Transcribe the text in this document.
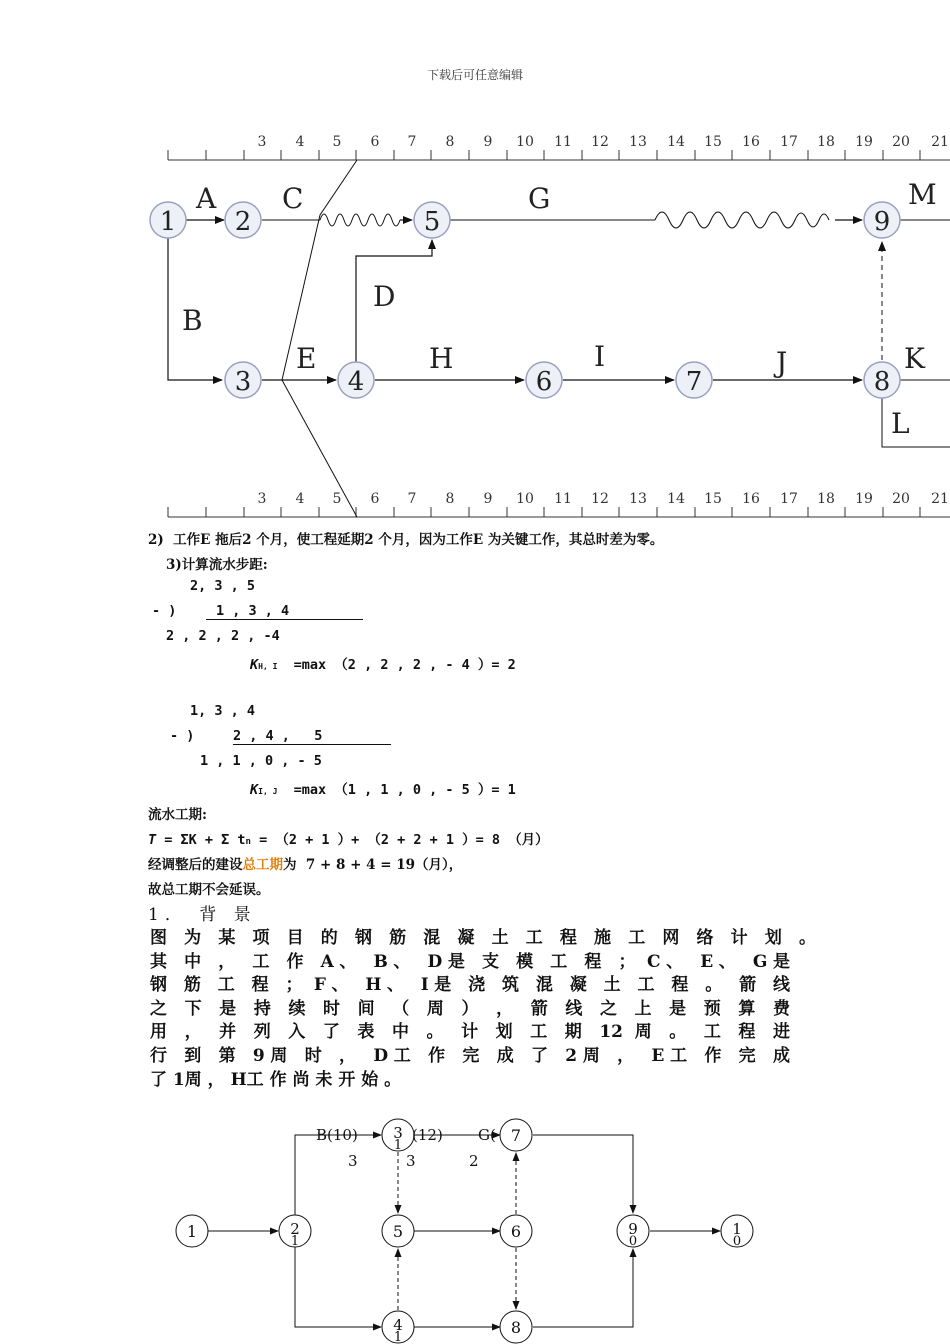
下载后可任意编辑
3 4 5 6 7 8 9 10 11 12 13 14 15 16 17 18 19 20 21
3 4 5 6 7 8 9 10 11 12 13 14 15 16 17 18 19 20 21
1 2
3	4
5
6	7	8
9
A C	G	M
B
D
E	H	I	J	K
L
2)  工作E 拖后2 个月，使工程延期2 个月，因为工作E 为关键工作，其总时差为零。
3)计算流水步距:
2, 3 , 5
- )	1 , 3 , 4
2 , 2 , 2 , -4
KH, I =max （2 , 2 , 2 , - 4 ）= 2
1, 3 , 4
- )	2 , 4 ,   5
1 , 1 , 0 , - 5
KI, J =max （1 , 1 , 0 , - 5 ）= 1
流水工期:
T = ΣK + Σ tn = （2 + 1 ）+ （2 + 2 + 1 ）= 8 （月）
经调整后的建设总工期为  7 + 8 + 4 = 19（月），
故总工期不会延误。
1． 背 景
图 为 某 项 目 的 钢 筋 混 凝 土 工 程 施 工 网 络 计 划 。
其 中 ， 工 作 A、 B、 D是 支 模 工 程 ； C、 E、 G是
钢 筋 工 程 ； F、 H、 I是 浇 筑 混 凝 土 工 程 。 箭 线
之 下 是 持 续 时 间 （ 周 ） ， 箭 线 之 上 是 预 算 费
用 ， 并 列 入 了 表 中 。 计 划 工 期 12 周 。 工 程 进
行 到 第 9周 时 ， D工 作 完 成 了 2周 ， E工 作 完 成
了 1周 ， H工 作 尚 未 开 始 。
1	2
1
3
1
4
1
5	6
7
8
9
0
1
0
B(10)
3
(12)
3
G(
2
